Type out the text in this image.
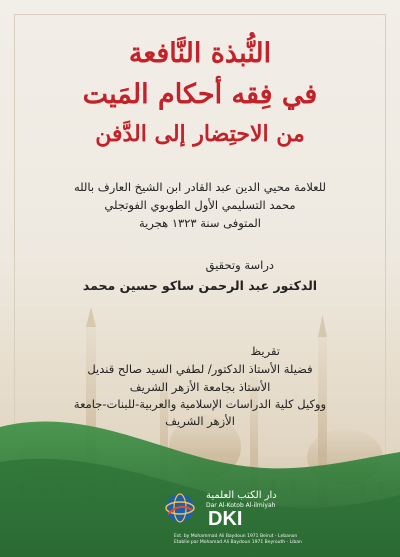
النُّبذة النَّافعة
في فِقه أحكام المَيت
من الاحتِضار إلى الدَّفن
للعلامة محيي الدين عبد القادر ابن الشيخ العارف بالله
محمد التسليمي الأول الطوبوي الفوتجلي
المتوفى سنة ١٣٢٣ هجرية
دراسة وتحقيق
الدكتور عبد الرحمن ساكو حسين محمد
تقريظ
فضيلة الأستاذ الدكتور/ لطفي السيد صالح قنديل
الأستاذ بجامعة الأزهر الشريف
ووكيل كلية الدراسات الإسلامية والعربية-للبنات-جامعة
الأزهر الشريف
دار الكتب العلمية
Dar Al-Kotob Al-ilmiyah
DKI
Est. by Mohammad Ali Baydoun 1971 Beirut - Lebanon
Etablie par Mohamad Ali Baydoun 1971 Beyrouth - Liban
